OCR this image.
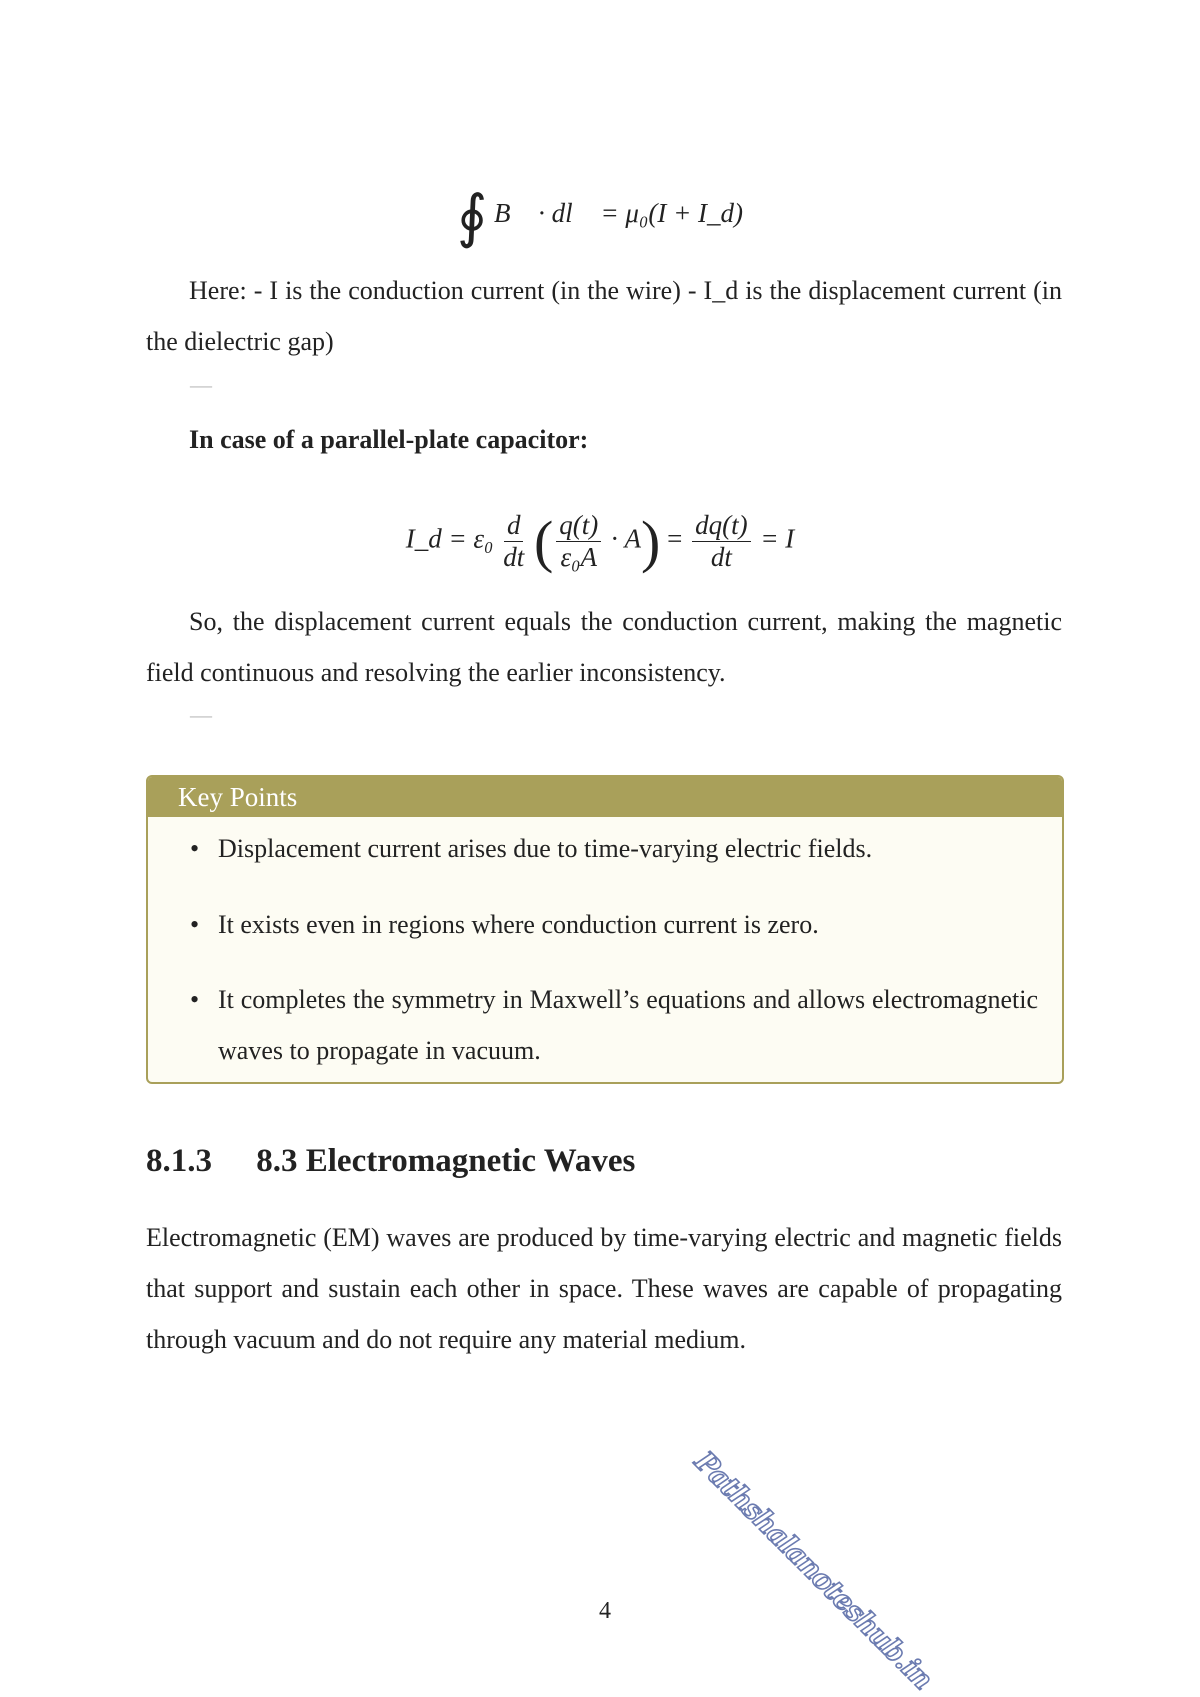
∮ B⃗ · dl⃗ = μ₀(I + I_d)
Here: - I is the conduction current (in the wire) - I_d is the displacement current (in the dielectric gap)
—
In case of a parallel-plate capacitor:
I_d = $\varepsilon_0 \frac{d}{dt}$ ( $\frac{q(t)}{\text{ε₀A}} \cdot A) = \frac{dq(t)}{dt} = I$
So, the displacement current equals the conduction current, making the magnetic field continuous and resolving the earlier inconsistency.
—
Key Points
• Displacement current arises due to time-varying electric fields.
• It exists even in regions where conduction current is zero.
• It completes the symmetry in Maxwell’s equations and allows electromagnetic waves to propagate in vacuum.
8.1.3 8.3 Electromagnetic Waves
Electromagnetic (EM) waves are produced by time-varying electric and magnetic fields that support and sustain each other in space. These waves are capable of propagating through vacuum and do not require any material medium.
4	Pathshalanoteshub.in
